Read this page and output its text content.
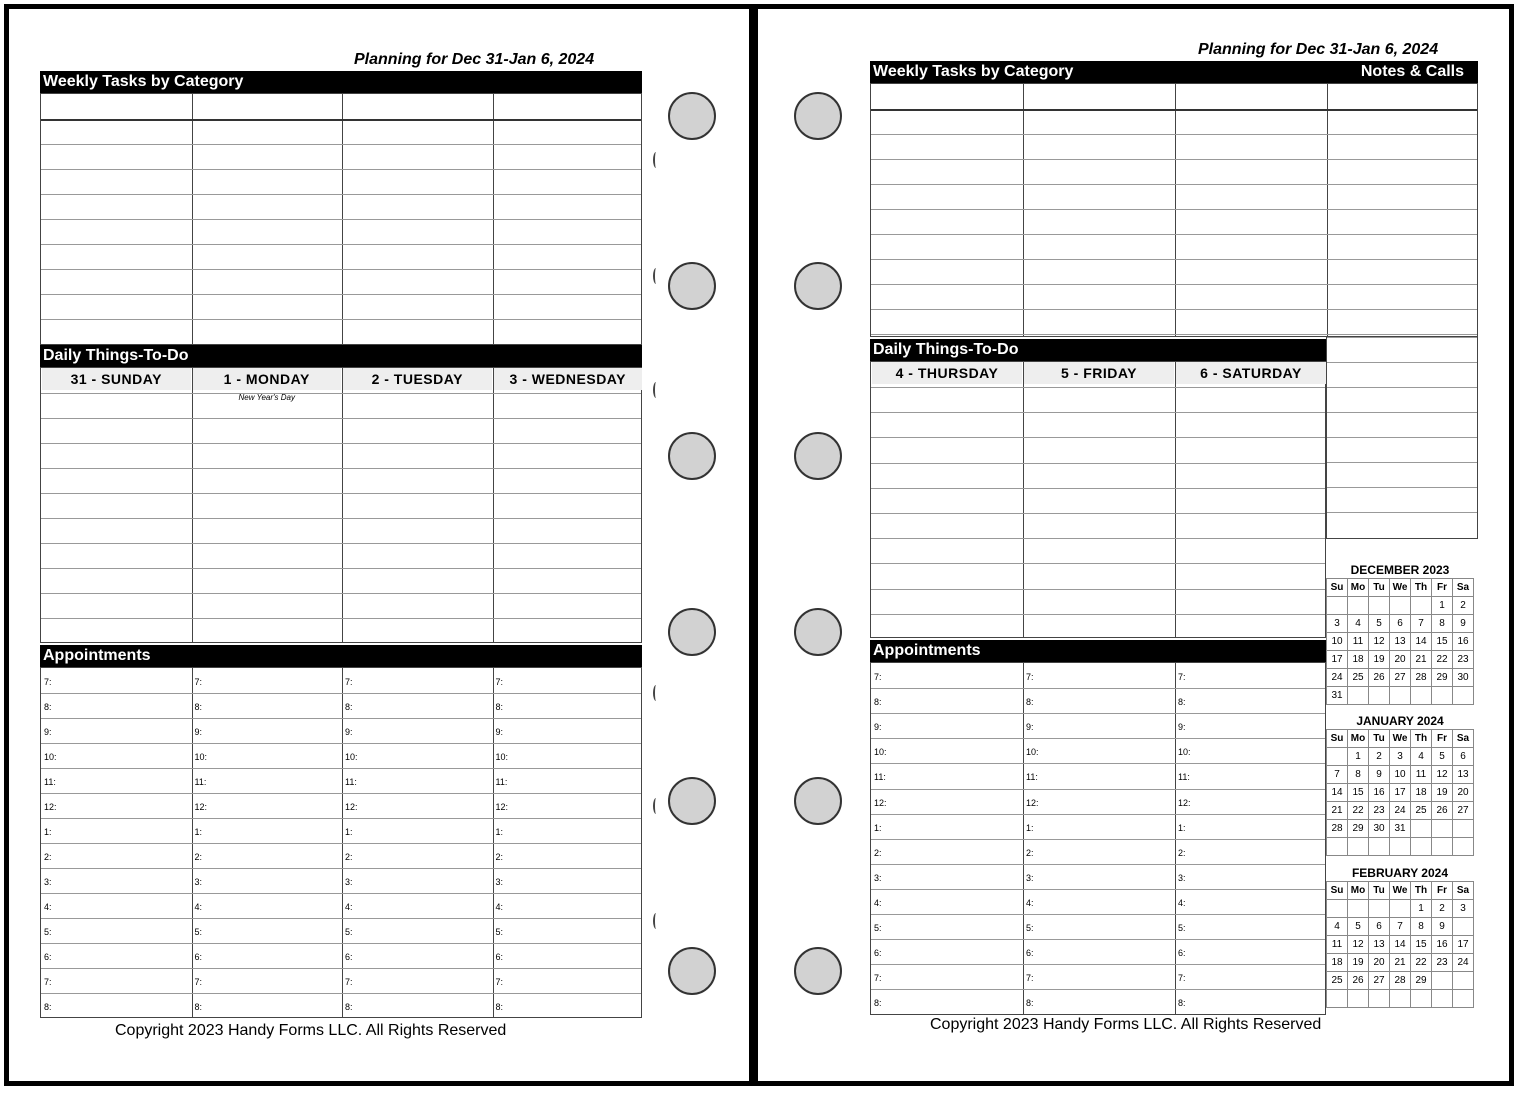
Planning for Dec 31-Jan 6, 2024
Weekly Tasks by Category
Daily Things-To-Do
31 - SUNDAY	1 - MONDAY	2 - TUESDAY	3 - WEDNESDAY
New Year's Day
Appointments
7:	7:	7:	7:
8:	8:	8:	8:
9:	9:	9:	9:
10:	10:	10:	10:
11:	11:	11:	11:
12:	12:	12:	12:
1:	1:	1:	1:
2:	2:	2:	2:
3:	3:	3:	3:
4:	4:	4:	4:
5:	5:	5:	5:
6:	6:	6:	6:
7:	7:	7:	7:
8:	8:	8:	8:
Copyright 2023 Handy Forms LLC. All Rights Reserved
Planning for Dec 31-Jan 6, 2024
Weekly Tasks by Category	Notes & Calls
Daily Things-To-Do
4 - THURSDAY	5 - FRIDAY	6 - SATURDAY
Appointments
7:	7:	7:
8:	8:	8:
9:	9:	9:
10:	10:	10:
11:	11:	11:
12:	12:	12:
1:	1:	1:
2:	2:	2:
3:	3:	3:
4:	4:	4:
5:	5:	5:
6:	6:	6:
7:	7:	7:
8:	8:	8:
Copyright 2023 Handy Forms LLC. All Rights Reserved
DECEMBER 2023
Su	Mo	Tu	We	Th	Fr	Sa
					1	2
3	4	5	6	7	8	9
10	11	12	13	14	15	16
17	18	19	20	21	22	23
24	25	26	27	28	29	30
31						
JANUARY 2024
Su	Mo	Tu	We	Th	Fr	Sa
	1	2	3	4	5	6
7	8	9	10	11	12	13
14	15	16	17	18	19	20
21	22	23	24	25	26	27
28	29	30	31			

FEBRUARY 2024
Su	Mo	Tu	We	Th	Fr	Sa
				1	2	3
4	5	6	7	8	9	
11	12	13	14	15	16	17
18	19	20	21	22	23	24
25	26	27	28	29		
